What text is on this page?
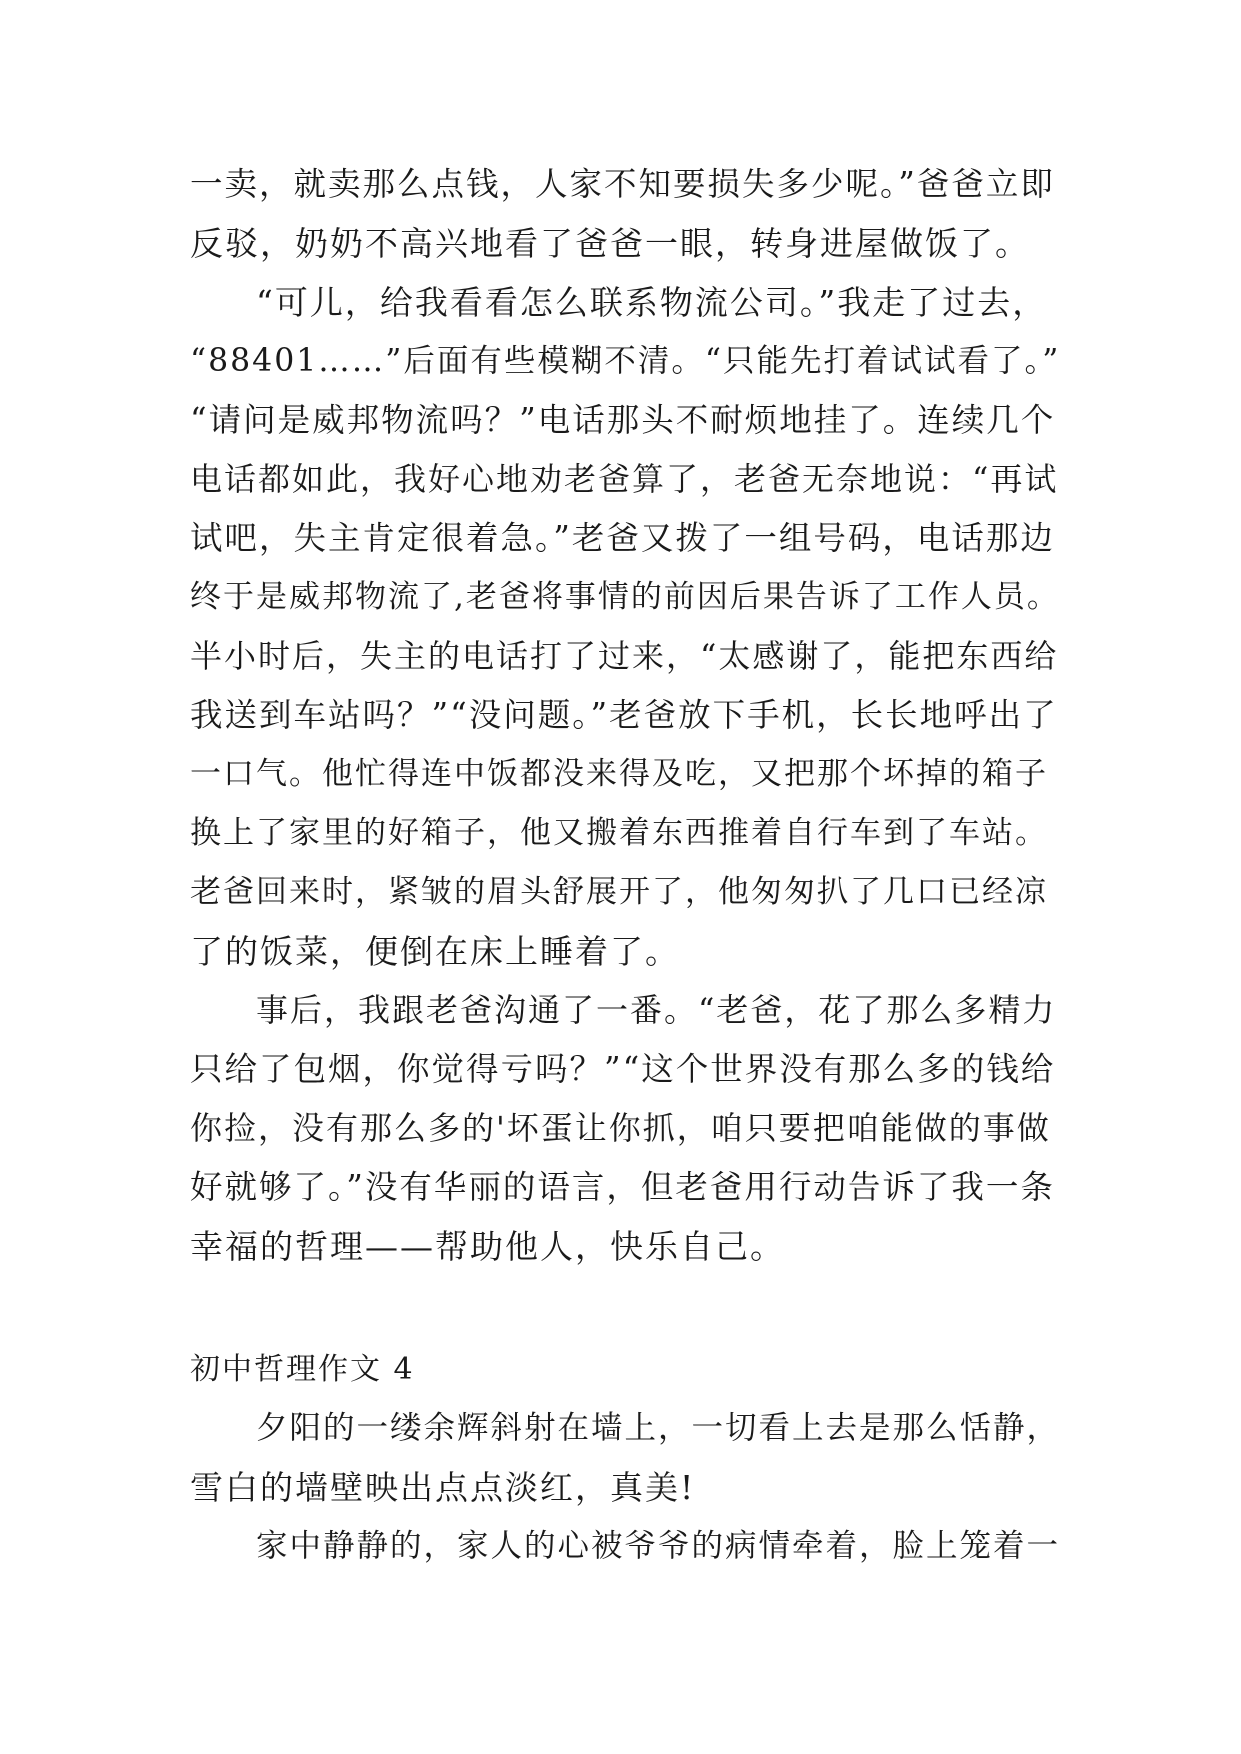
一卖，就卖那么点钱，人家不知要损失多少呢。”爸爸立即
反驳，奶奶不高兴地看了爸爸一眼，转身进屋做饭了。
“可儿，给我看看怎么联系物流公司。”我走了过去，
“88401……”后面有些模糊不清。“只能先打着试试看了。”
“请问是威邦物流吗？”电话那头不耐烦地挂了。连续几个
电话都如此，我好心地劝老爸算了，老爸无奈地说：“再试
试吧，失主肯定很着急。”老爸又拨了一组号码，电话那边
终于是威邦物流了,老爸将事情的前因后果告诉了工作人员。
半小时后，失主的电话打了过来，“太感谢了，能把东西给
我送到车站吗？”“没问题。”老爸放下手机，长长地呼出了
一口气。他忙得连中饭都没来得及吃，又把那个坏掉的箱子
换上了家里的好箱子，他又搬着东西推着自行车到了车站。
老爸回来时，紧皱的眉头舒展开了，他匆匆扒了几口已经凉
了的饭菜，便倒在床上睡着了。
事后，我跟老爸沟通了一番。“老爸，花了那么多精力
只给了包烟，你觉得亏吗？”“这个世界没有那么多的钱给
你捡，没有那么多的'坏蛋让你抓，咱只要把咱能做的事做
好就够了。”没有华丽的语言，但老爸用行动告诉了我一条
幸福的哲理——帮助他人，快乐自己。
初中哲理作文 4
夕阳的一缕余辉斜射在墙上，一切看上去是那么恬静，
雪白的墙壁映出点点淡红，真美!
家中静静的，家人的心被爷爷的病情牵着，脸上笼着一
